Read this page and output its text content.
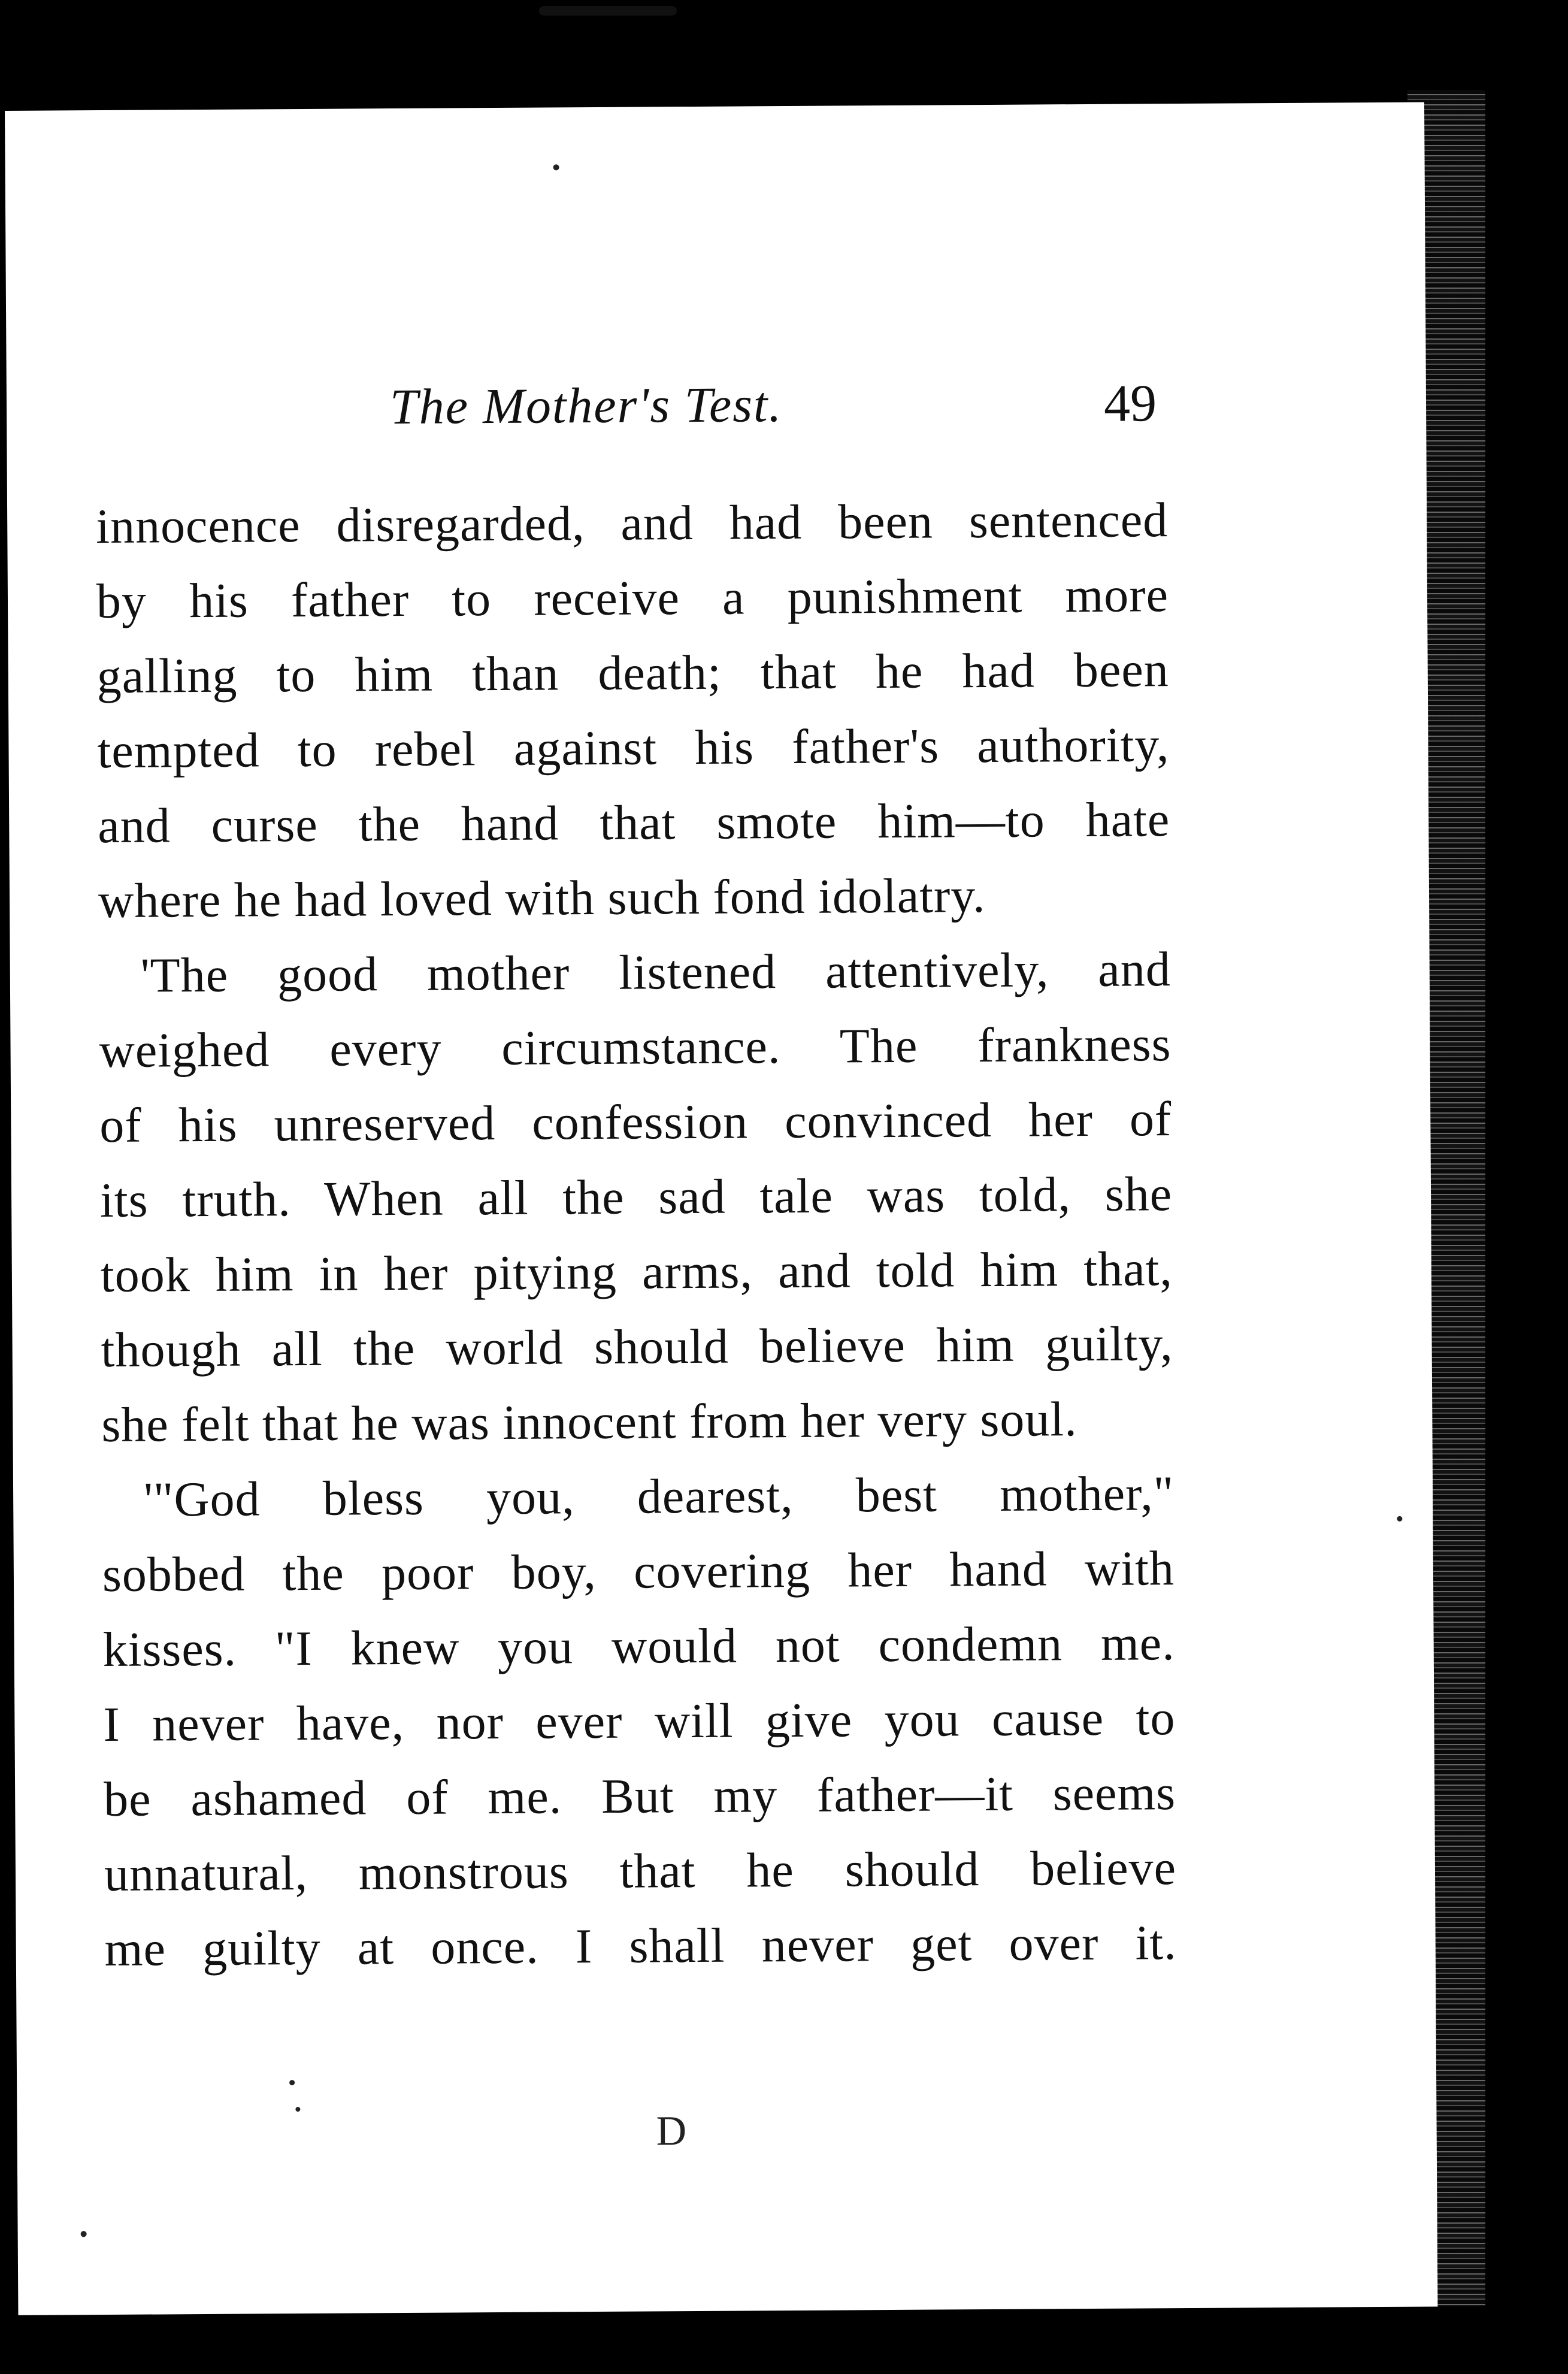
The Mother's Test.	49
innocence disregarded, and had been sentenced
by his father to receive a punishment more
galling to him than death; that he had been
tempted to rebel against his father's authority,
and curse the hand that smote him—to hate
where he had loved with such fond idolatry.
'The good mother listened attentively, and
weighed every circumstance. The frankness
of his unreserved confession convinced her of
its truth. When all the sad tale was told, she
took him in her pitying arms, and told him that,
though all the world should believe him guilty,
she felt that he was innocent from her very soul.
'"God bless you, dearest, best mother,"
sobbed the poor boy, covering her hand with
kisses. "I knew you would not condemn me.
I never have, nor ever will give you cause to
be ashamed of me. But my father—it seems
unnatural, monstrous that he should believe
me guilty at once. I shall never get over it.
D
